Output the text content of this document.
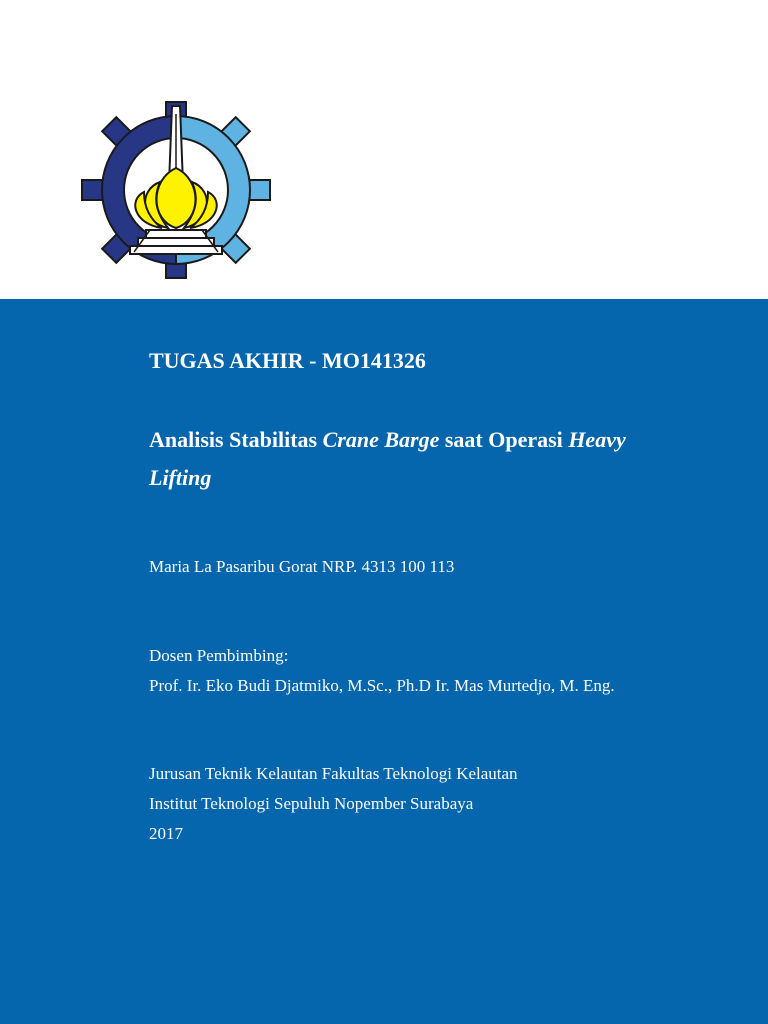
TUGAS AKHIR - MO141326

Analisis Stabilitas Crane Barge saat Operasi Heavy Lifting

Maria La Pasaribu Gorat NRP. 4313 100 113

Dosen Pembimbing:

Prof. Ir. Eko Budi Djatmiko, M.Sc., Ph.D Ir. Mas Murtedjo, M. Eng.

Jurusan Teknik Kelautan Fakultas Teknologi Kelautan

Institut Teknologi Sepuluh Nopember Surabaya

2017
